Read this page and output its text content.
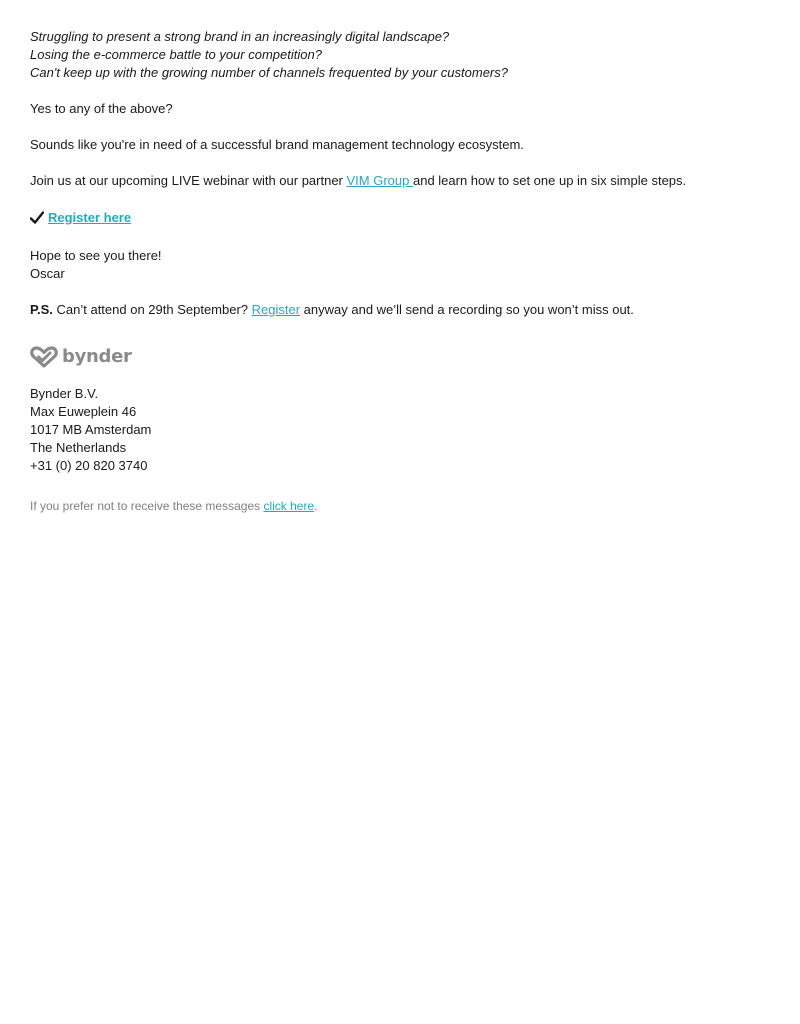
Struggling to present a strong brand in an increasingly digital landscape?

Losing the e-commerce battle to your competition?

Can't keep up with the growing number of channels frequented by your customers?

Yes to any of the above?

Sounds like you're in need of a successful brand management technology ecosystem.

Join us at our upcoming LIVE webinar with our partner VIM Group and learn how to set one up in six simple steps.

Register here

Hope to see you there!

Oscar

P.S. Can’t attend on 29th September? Register anyway and we’ll send a recording so you won’t miss out.

bynder

Bynder B.V.

Max Euweplein 46

1017 MB Amsterdam

The Netherlands

+31 (0) 20 820 3740

If you prefer not to receive these messages click here.
